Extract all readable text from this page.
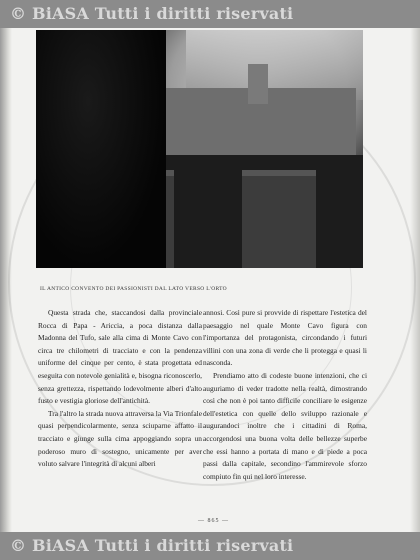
© BiASA Tutti i diritti riservati
IL ANTICO CONVENTO DEI PASSIONISTI DAL LATO VERSO L'ORTO

Questa strada che, staccandosi dalla provinciale Rocca di Papa - Ariccia, a poca distanza dalla Madonna del Tufo, sale alla cima di Monte Cavo con circa tre chilometri di tracciato e con la pendenza uniforme del cinque per cento, è stata progettata ed eseguita con notevole genialità e, bisogna riconoscerlo, senza grettezza, rispettando lodevolmente alberi d'alto fusto e vestigia gloriose dell'antichità.

Tra l'altro la strada nuova attraversa la Via Trionfale quasi perpendicolarmente, senza sciuparne affatto il tracciato e giunge sulla cima appoggiando sopra un poderoso muro di sostegno, unicamente per aver voluto salvare l'integrità di alcuni alberi

annosi. Così pure si provvide di rispettare l'estetica del paesaggio nel quale Monte Cavo figura con l'importanza del protagonista, circondando i futuri villini con una zona di verde che li protegga e quasi li nasconda.

Prendiamo atto di codeste buone intenzioni, che ci auguriamo di veder tradotte nella realtà, dimostrando così che non è poi tanto difficile conciliare le esigenze dell'estetica con quelle dello sviluppo razionale e augurandoci inoltre che i cittadini di Roma, accorgendosi una buona volta delle bellezze superbe che essi hanno a portata di mano e di piede a poca passi dalla capitale, secondino l'ammirevole sforzo compiuto fin qui nel loro interesse.

— 865 —
© BiASA Tutti i diritti riservati
